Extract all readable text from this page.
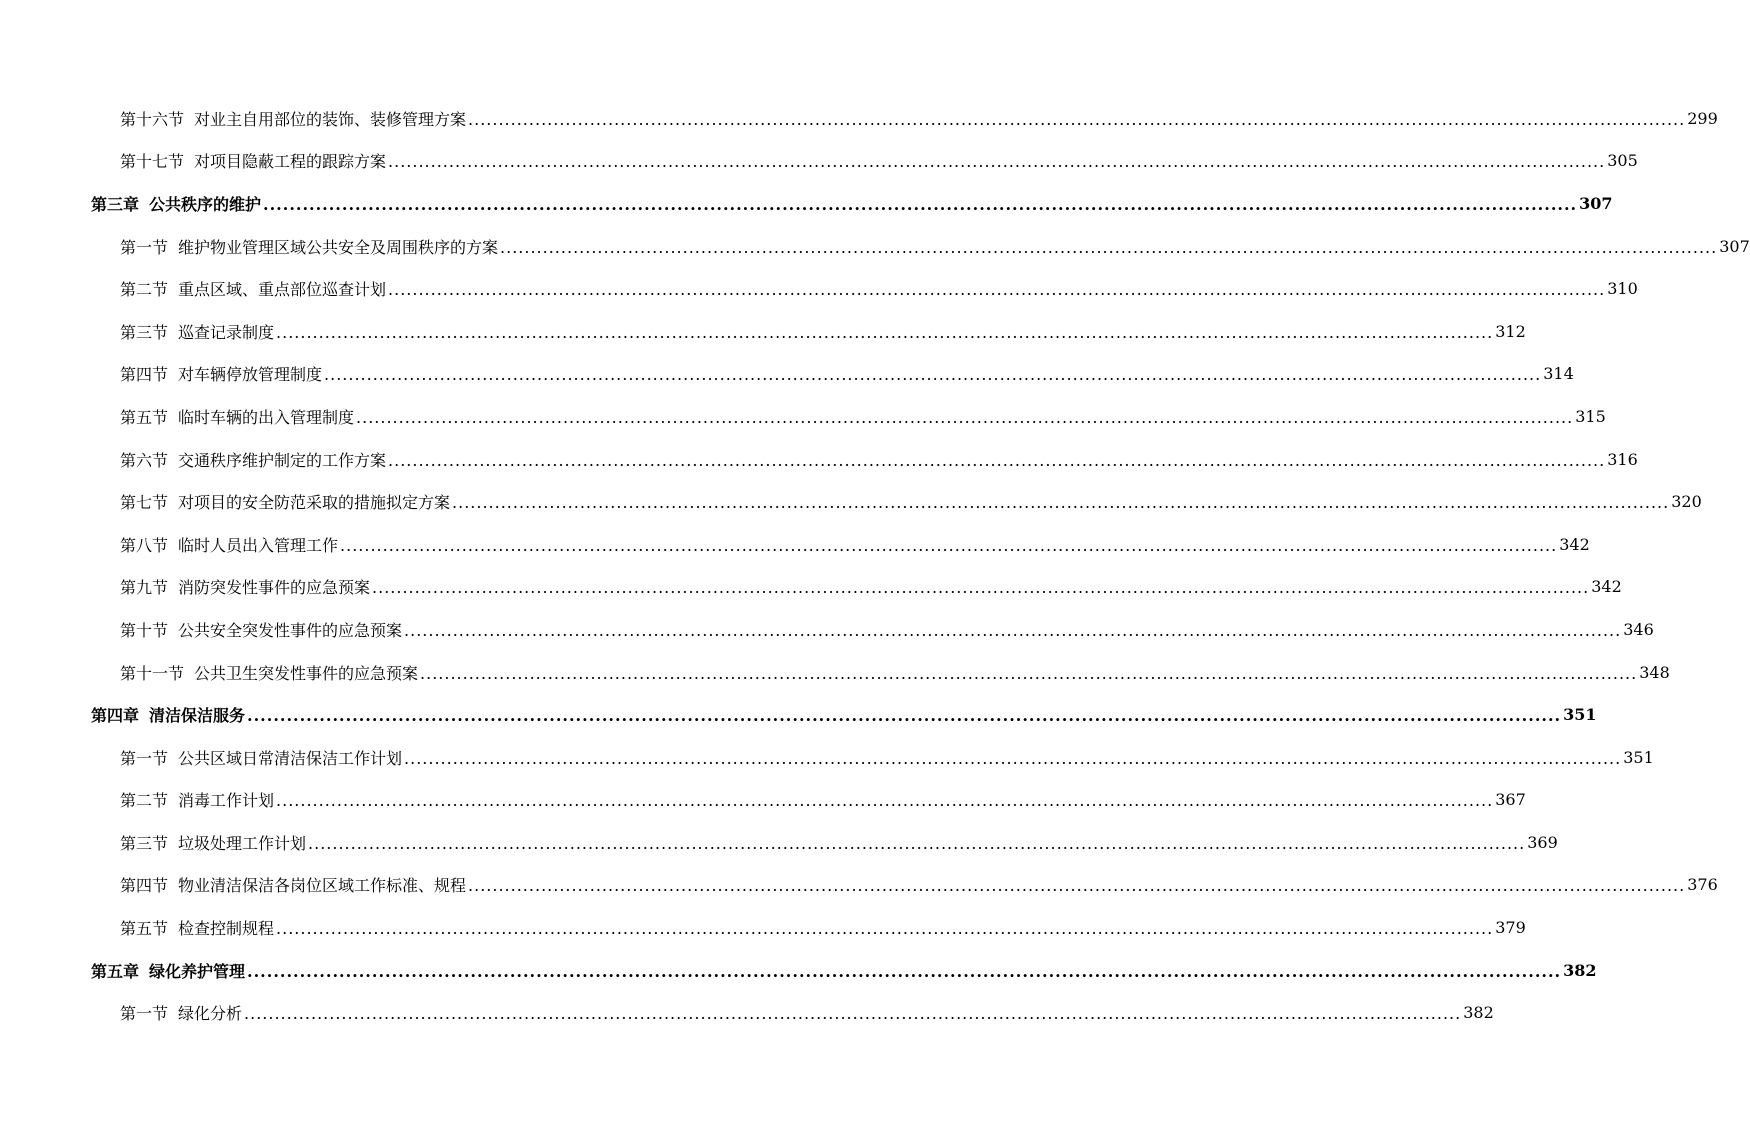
第十六节 对业主自用部位的装饰、装修管理方案 ........................................................................................................................................................................................................ 299
第十七节 对项目隐蔽工程的跟踪方案 ........................................................................................................................................................................................................ 305
第三章 公共秩序的维护 ........................................................................................................................................................................................................ 307
第一节 维护物业管理区域公共安全及周围秩序的方案 ........................................................................................................................................................................................................ 307
第二节 重点区域、重点部位巡查计划 ........................................................................................................................................................................................................ 310
第三节 巡查记录制度 ........................................................................................................................................................................................................ 312
第四节 对车辆停放管理制度 ........................................................................................................................................................................................................ 314
第五节 临时车辆的出入管理制度 ........................................................................................................................................................................................................ 315
第六节 交通秩序维护制定的工作方案 ........................................................................................................................................................................................................ 316
第七节 对项目的安全防范采取的措施拟定方案 ........................................................................................................................................................................................................ 320
第八节 临时人员出入管理工作 ........................................................................................................................................................................................................ 342
第九节 消防突发性事件的应急预案 ........................................................................................................................................................................................................ 342
第十节 公共安全突发性事件的应急预案 ........................................................................................................................................................................................................ 346
第十一节 公共卫生突发性事件的应急预案 ........................................................................................................................................................................................................ 348
第四章 清洁保洁服务 ........................................................................................................................................................................................................ 351
第一节 公共区域日常清洁保洁工作计划 ........................................................................................................................................................................................................ 351
第二节 消毒工作计划 ........................................................................................................................................................................................................ 367
第三节 垃圾处理工作计划 ........................................................................................................................................................................................................ 369
第四节 物业清洁保洁各岗位区域工作标准、规程 ........................................................................................................................................................................................................ 376
第五节 检查控制规程 ........................................................................................................................................................................................................ 379
第五章 绿化养护管理 ........................................................................................................................................................................................................ 382
第一节 绿化分析 ........................................................................................................................................................................................................ 382
